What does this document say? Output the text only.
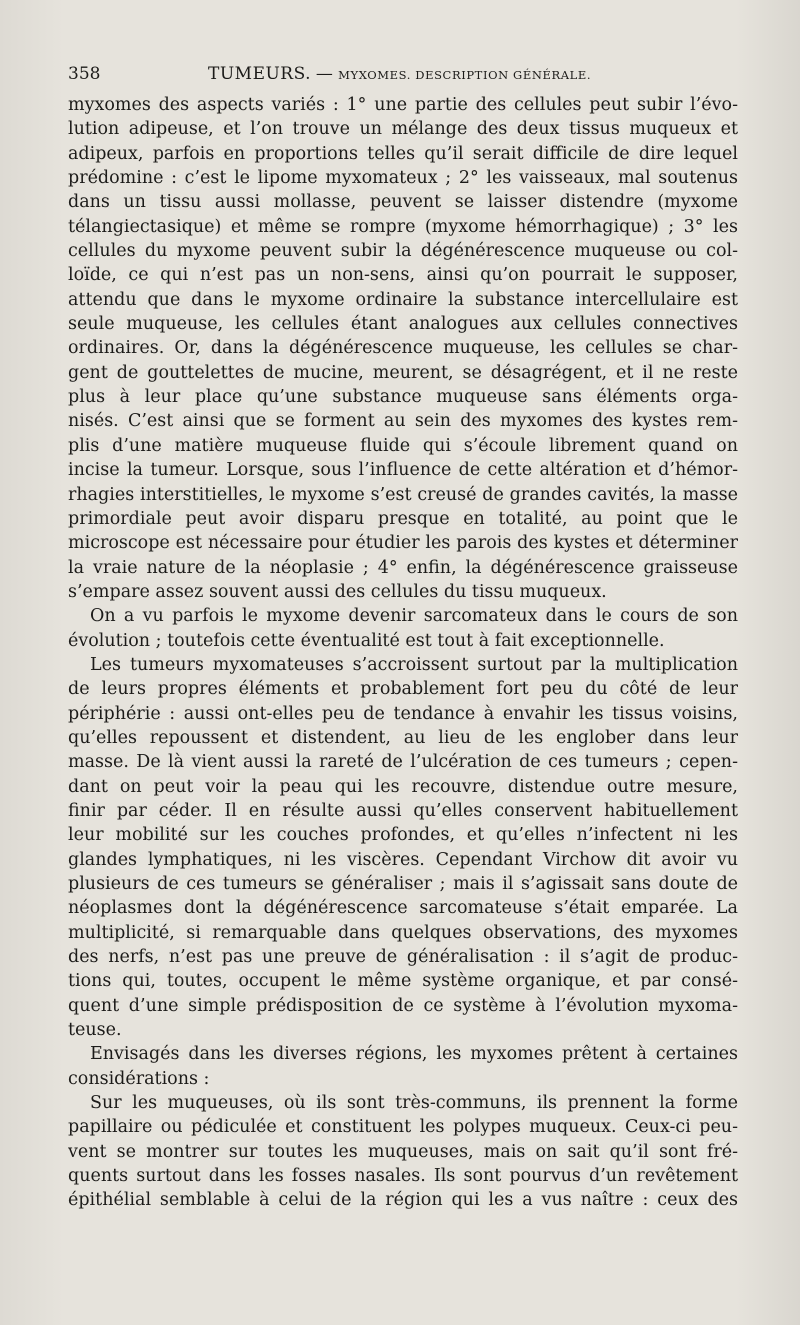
358	TUMEURS. — MYXOMES. DESCRIPTION GÉNÉRALE.
myxomes des aspects variés : 1° une partie des cellules peut subir l’évo-
lution adipeuse, et l’on trouve un mélange des deux tissus muqueux et
adipeux, parfois en proportions telles qu’il serait difficile de dire lequel
prédomine : c’est le lipome myxomateux ; 2° les vaisseaux, mal soutenus
dans un tissu aussi mollasse, peuvent se laisser distendre (myxome
télangiectasique) et même se rompre (myxome hémorrhagique) ; 3° les
cellules du myxome peuvent subir la dégénérescence muqueuse ou col-
loïde, ce qui n’est pas un non-sens, ainsi qu’on pourrait le supposer,
attendu que dans le myxome ordinaire la substance intercellulaire est
seule muqueuse, les cellules étant analogues aux cellules connectives
ordinaires. Or, dans la dégénérescence muqueuse, les cellules se char-
gent de gouttelettes de mucine, meurent, se désagrégent, et il ne reste
plus à leur place qu’une substance muqueuse sans éléments orga-
nisés. C’est ainsi que se forment au sein des myxomes des kystes rem-
plis d’une matière muqueuse fluide qui s’écoule librement quand on
incise la tumeur. Lorsque, sous l’influence de cette altération et d’hémor-
rhagies interstitielles, le myxome s’est creusé de grandes cavités, la masse
primordiale peut avoir disparu presque en totalité, au point que le
microscope est nécessaire pour étudier les parois des kystes et déterminer
la vraie nature de la néoplasie ; 4° enfin, la dégénérescence graisseuse
s’empare assez souvent aussi des cellules du tissu muqueux.
On a vu parfois le myxome devenir sarcomateux dans le cours de son
évolution ; toutefois cette éventualité est tout à fait exceptionnelle.
Les tumeurs myxomateuses s’accroissent surtout par la multiplication
de leurs propres éléments et probablement fort peu du côté de leur
périphérie : aussi ont-elles peu de tendance à envahir les tissus voisins,
qu’elles repoussent et distendent, au lieu de les englober dans leur
masse. De là vient aussi la rareté de l’ulcération de ces tumeurs ; cepen-
dant on peut voir la peau qui les recouvre, distendue outre mesure,
finir par céder. Il en résulte aussi qu’elles conservent habituellement
leur mobilité sur les couches profondes, et qu’elles n’infectent ni les
glandes lymphatiques, ni les viscères. Cependant Virchow dit avoir vu
plusieurs de ces tumeurs se généraliser ; mais il s’agissait sans doute de
néoplasmes dont la dégénérescence sarcomateuse s’était emparée. La
multiplicité, si remarquable dans quelques observations, des myxomes
des nerfs, n’est pas une preuve de généralisation : il s’agit de produc-
tions qui, toutes, occupent le même système organique, et par consé-
quent d’une simple prédisposition de ce système à l’évolution myxoma-
teuse.
Envisagés dans les diverses régions, les myxomes prêtent à certaines
considérations :
Sur les muqueuses, où ils sont très-communs, ils prennent la forme
papillaire ou pédiculée et constituent les polypes muqueux. Ceux-ci peu-
vent se montrer sur toutes les muqueuses, mais on sait qu’il sont fré-
quents surtout dans les fosses nasales. Ils sont pourvus d’un revêtement
épithélial semblable à celui de la région qui les a vus naître : ceux des
